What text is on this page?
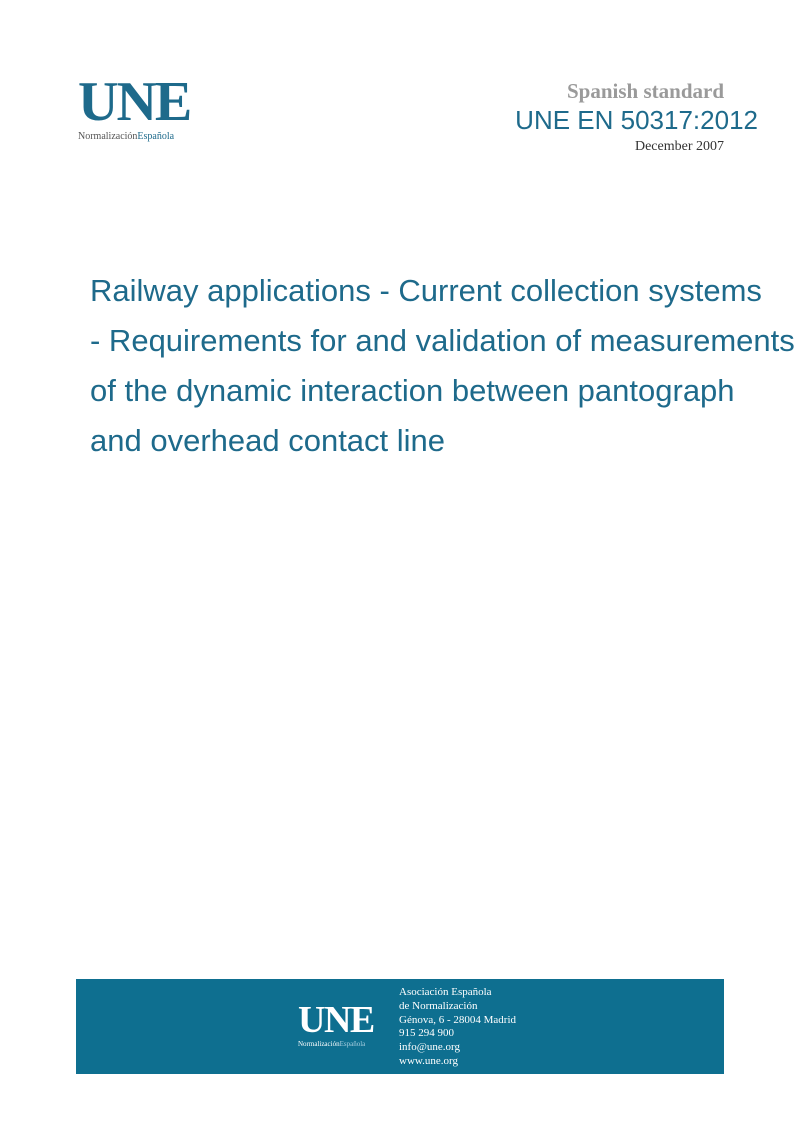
UNE
NormalizaciónEspañola
Spanish standard
UNE EN 50317:2012
December 2007
Railway applications - Current collection systems
- Requirements for and validation of measurements
of the dynamic interaction between pantograph
and overhead contact line
UNE
NormalizaciónEspañola
Asociación Española
de Normalización
Génova, 6 - 28004 Madrid
915 294 900
info@une.org
www.une.org
